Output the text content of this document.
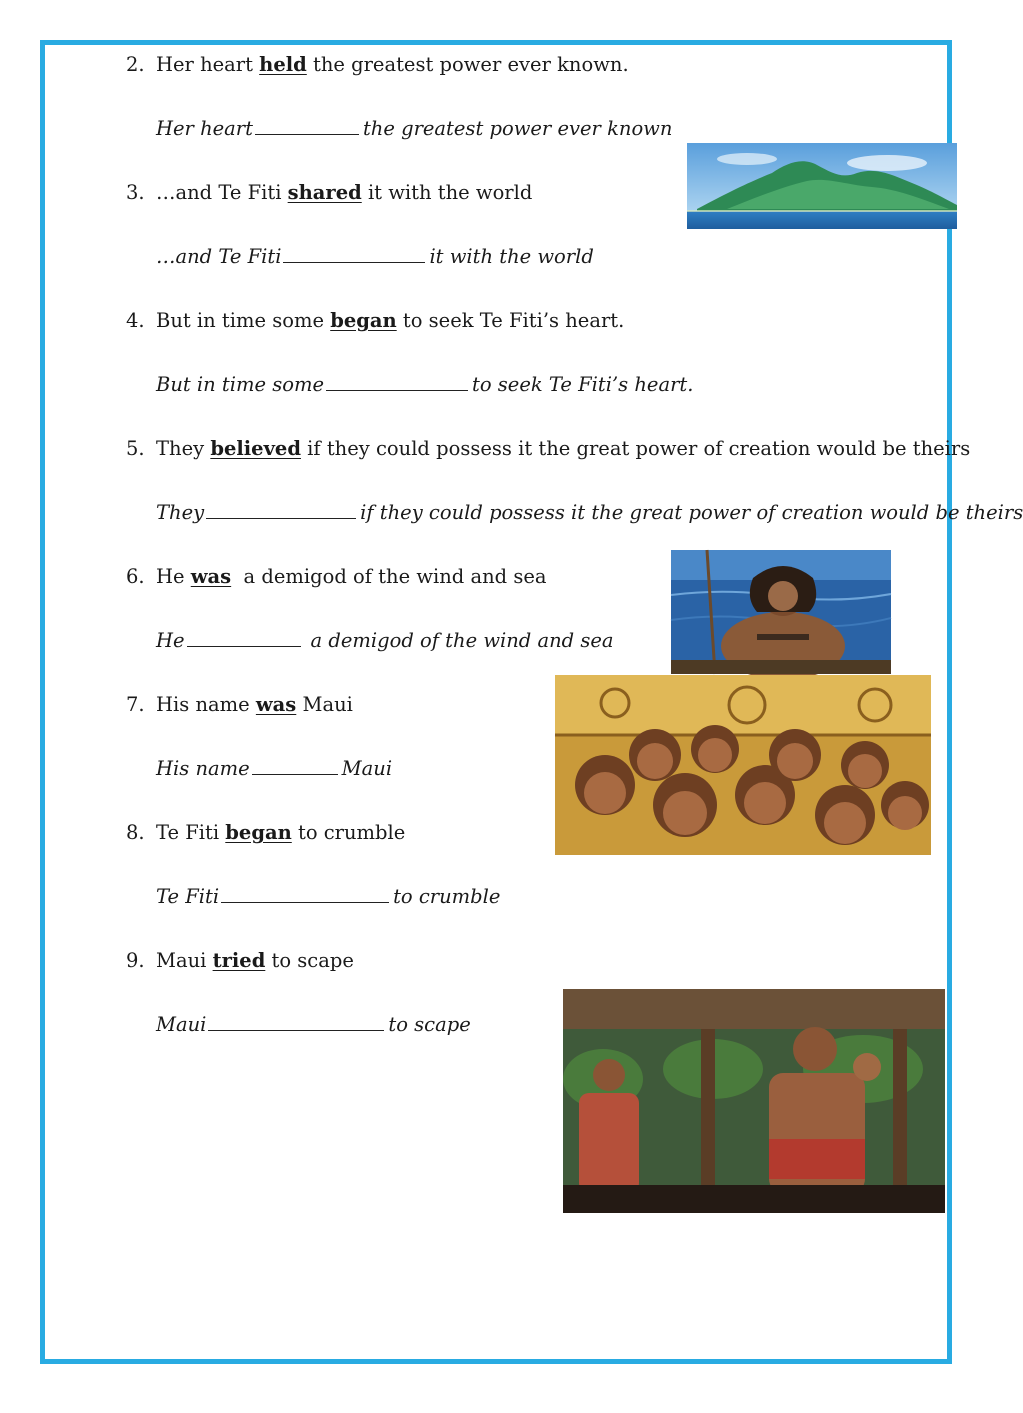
2. Her heart held the greatest power ever known.
Her heart	the greatest power ever known
3. …and Te Fiti shared it with the world
…and Te Fiti	it with the world
4. But in time some began to seek Te Fiti’s heart.
But in time some	to seek Te Fiti’s heart.
5. They believed if they could possess it the great power of creation would be theirs
They	if they could possess it the great power of creation would be theirs
6. He was  a demigod of the wind and sea
He	a demigod of the wind and sea
7. His name was Maui
His name	Maui
8. Te Fiti began to crumble
Te Fiti	to crumble
9. Maui tried to scape
Maui	to scape
